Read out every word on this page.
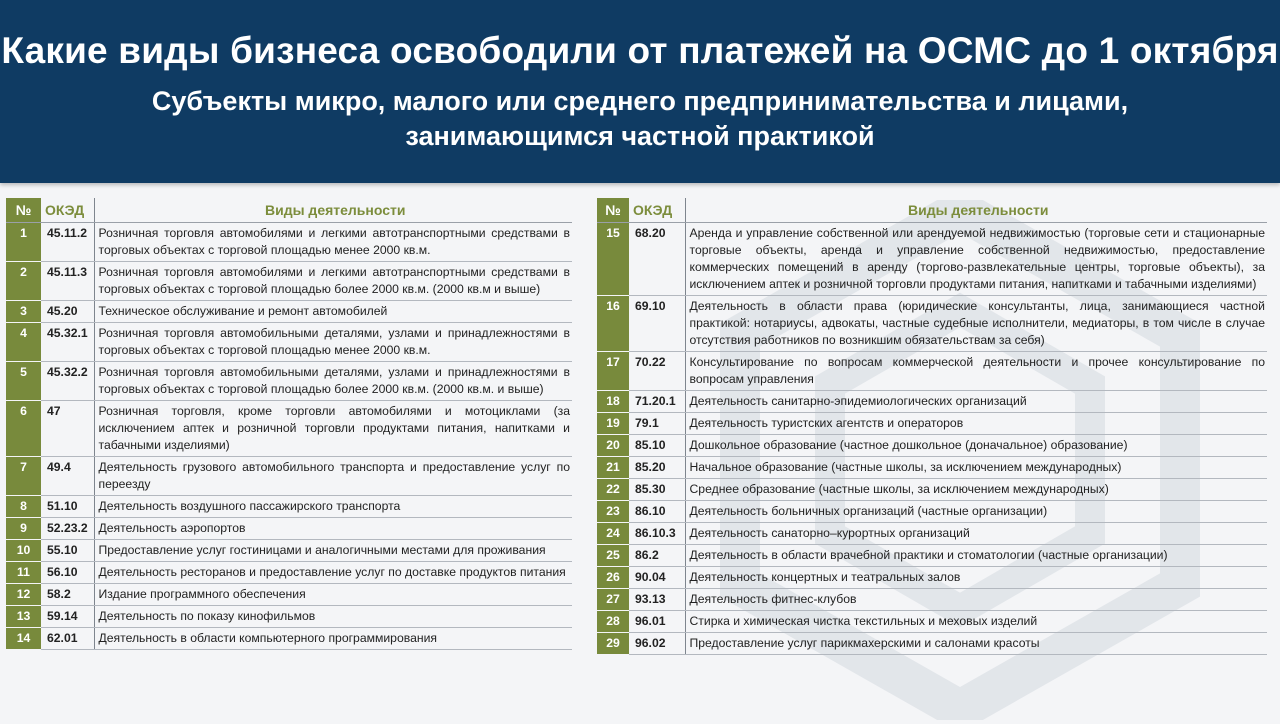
Какие виды бизнеса освободили от платежей на ОСМС до 1 октября
Субъекты микро, малого или среднего предпринимательства и лицами,
занимающимся частной практикой
№	ОКЭД	Виды деятельности
1	45.11.2	Розничная торговля автомобилями и легкими автотранспортными средствами в торговых объектах с торговой площадью менее 2000 кв.м.
2	45.11.3	Розничная торговля автомобилями и легкими автотранспортными средствами в торговых объектах с торговой площадью более 2000 кв.м. (2000 кв.м и выше)
3	45.20	Техническое обслуживание и ремонт автомобилей
4	45.32.1	Розничная торговля автомобильными деталями, узлами и принадлежностями в торговых объектах с торговой площадью менее 2000 кв.м.
5	45.32.2	Розничная торговля автомобильными деталями, узлами и принадлежностями в торговых объектах с торговой площадью более 2000 кв.м. (2000 кв.м. и выше)
6	47	Розничная торговля, кроме торговли автомобилями и мотоциклами (за исключением аптек и розничной торговли продуктами питания, напитками и табачными изделиями)
7	49.4	Деятельность грузового автомобильного транспорта и предоставление услуг по переезду
8	51.10	Деятельность воздушного пассажирского транспорта
9	52.23.2	Деятельность аэропортов
10	55.10	Предоставление услуг гостиницами и аналогичными местами для проживания
11	56.10	Деятельность ресторанов и предоставление услуг по доставке продуктов питания
12	58.2	Издание программного обеспечения
13	59.14	Деятельность по показу кинофильмов
14	62.01	Деятельность в области компьютерного программирования
№	ОКЭД	Виды деятельности
15	68.20	Аренда и управление собственной или арендуемой недвижимостью (торговые сети и стационарные торговые объекты, аренда и управление собственной недвижимостью, предоставление коммерческих помещений в аренду (торгово-развлекательные центры, торговые объекты), за исключением аптек и розничной торговли продуктами питания, напитками и табачными изделиями)
16	69.10	Деятельность в области права (юридические консультанты, лица, занимающиеся частной практикой: нотариусы, адвокаты, частные судебные исполнители, медиаторы, в том числе в случае отсутствия работников по возникшим обязательствам за себя)
17	70.22	Консультирование по вопросам коммерческой деятельности и прочее консультирование по вопросам управления
18	71.20.1	Деятельность санитарно-эпидемиологических организаций
19	79.1	Деятельность туристских агентств и операторов
20	85.10	Дошкольное образование (частное дошкольное (доначальное) образование)
21	85.20	Начальное образование (частные школы, за исключением международных)
22	85.30	Среднее образование (частные школы, за исключением международных)
23	86.10	Деятельность больничных организаций (частные организации)
24	86.10.3	Деятельность санаторно–курортных организаций
25	86.2	Деятельность в области врачебной практики и стоматологии (частные организации)
26	90.04	Деятельность концертных и театральных залов
27	93.13	Деятельность фитнес-клубов
28	96.01	Стирка и химическая чистка текстильных и меховых изделий
29	96.02	Предоставление услуг парикмахерскими и салонами красоты
